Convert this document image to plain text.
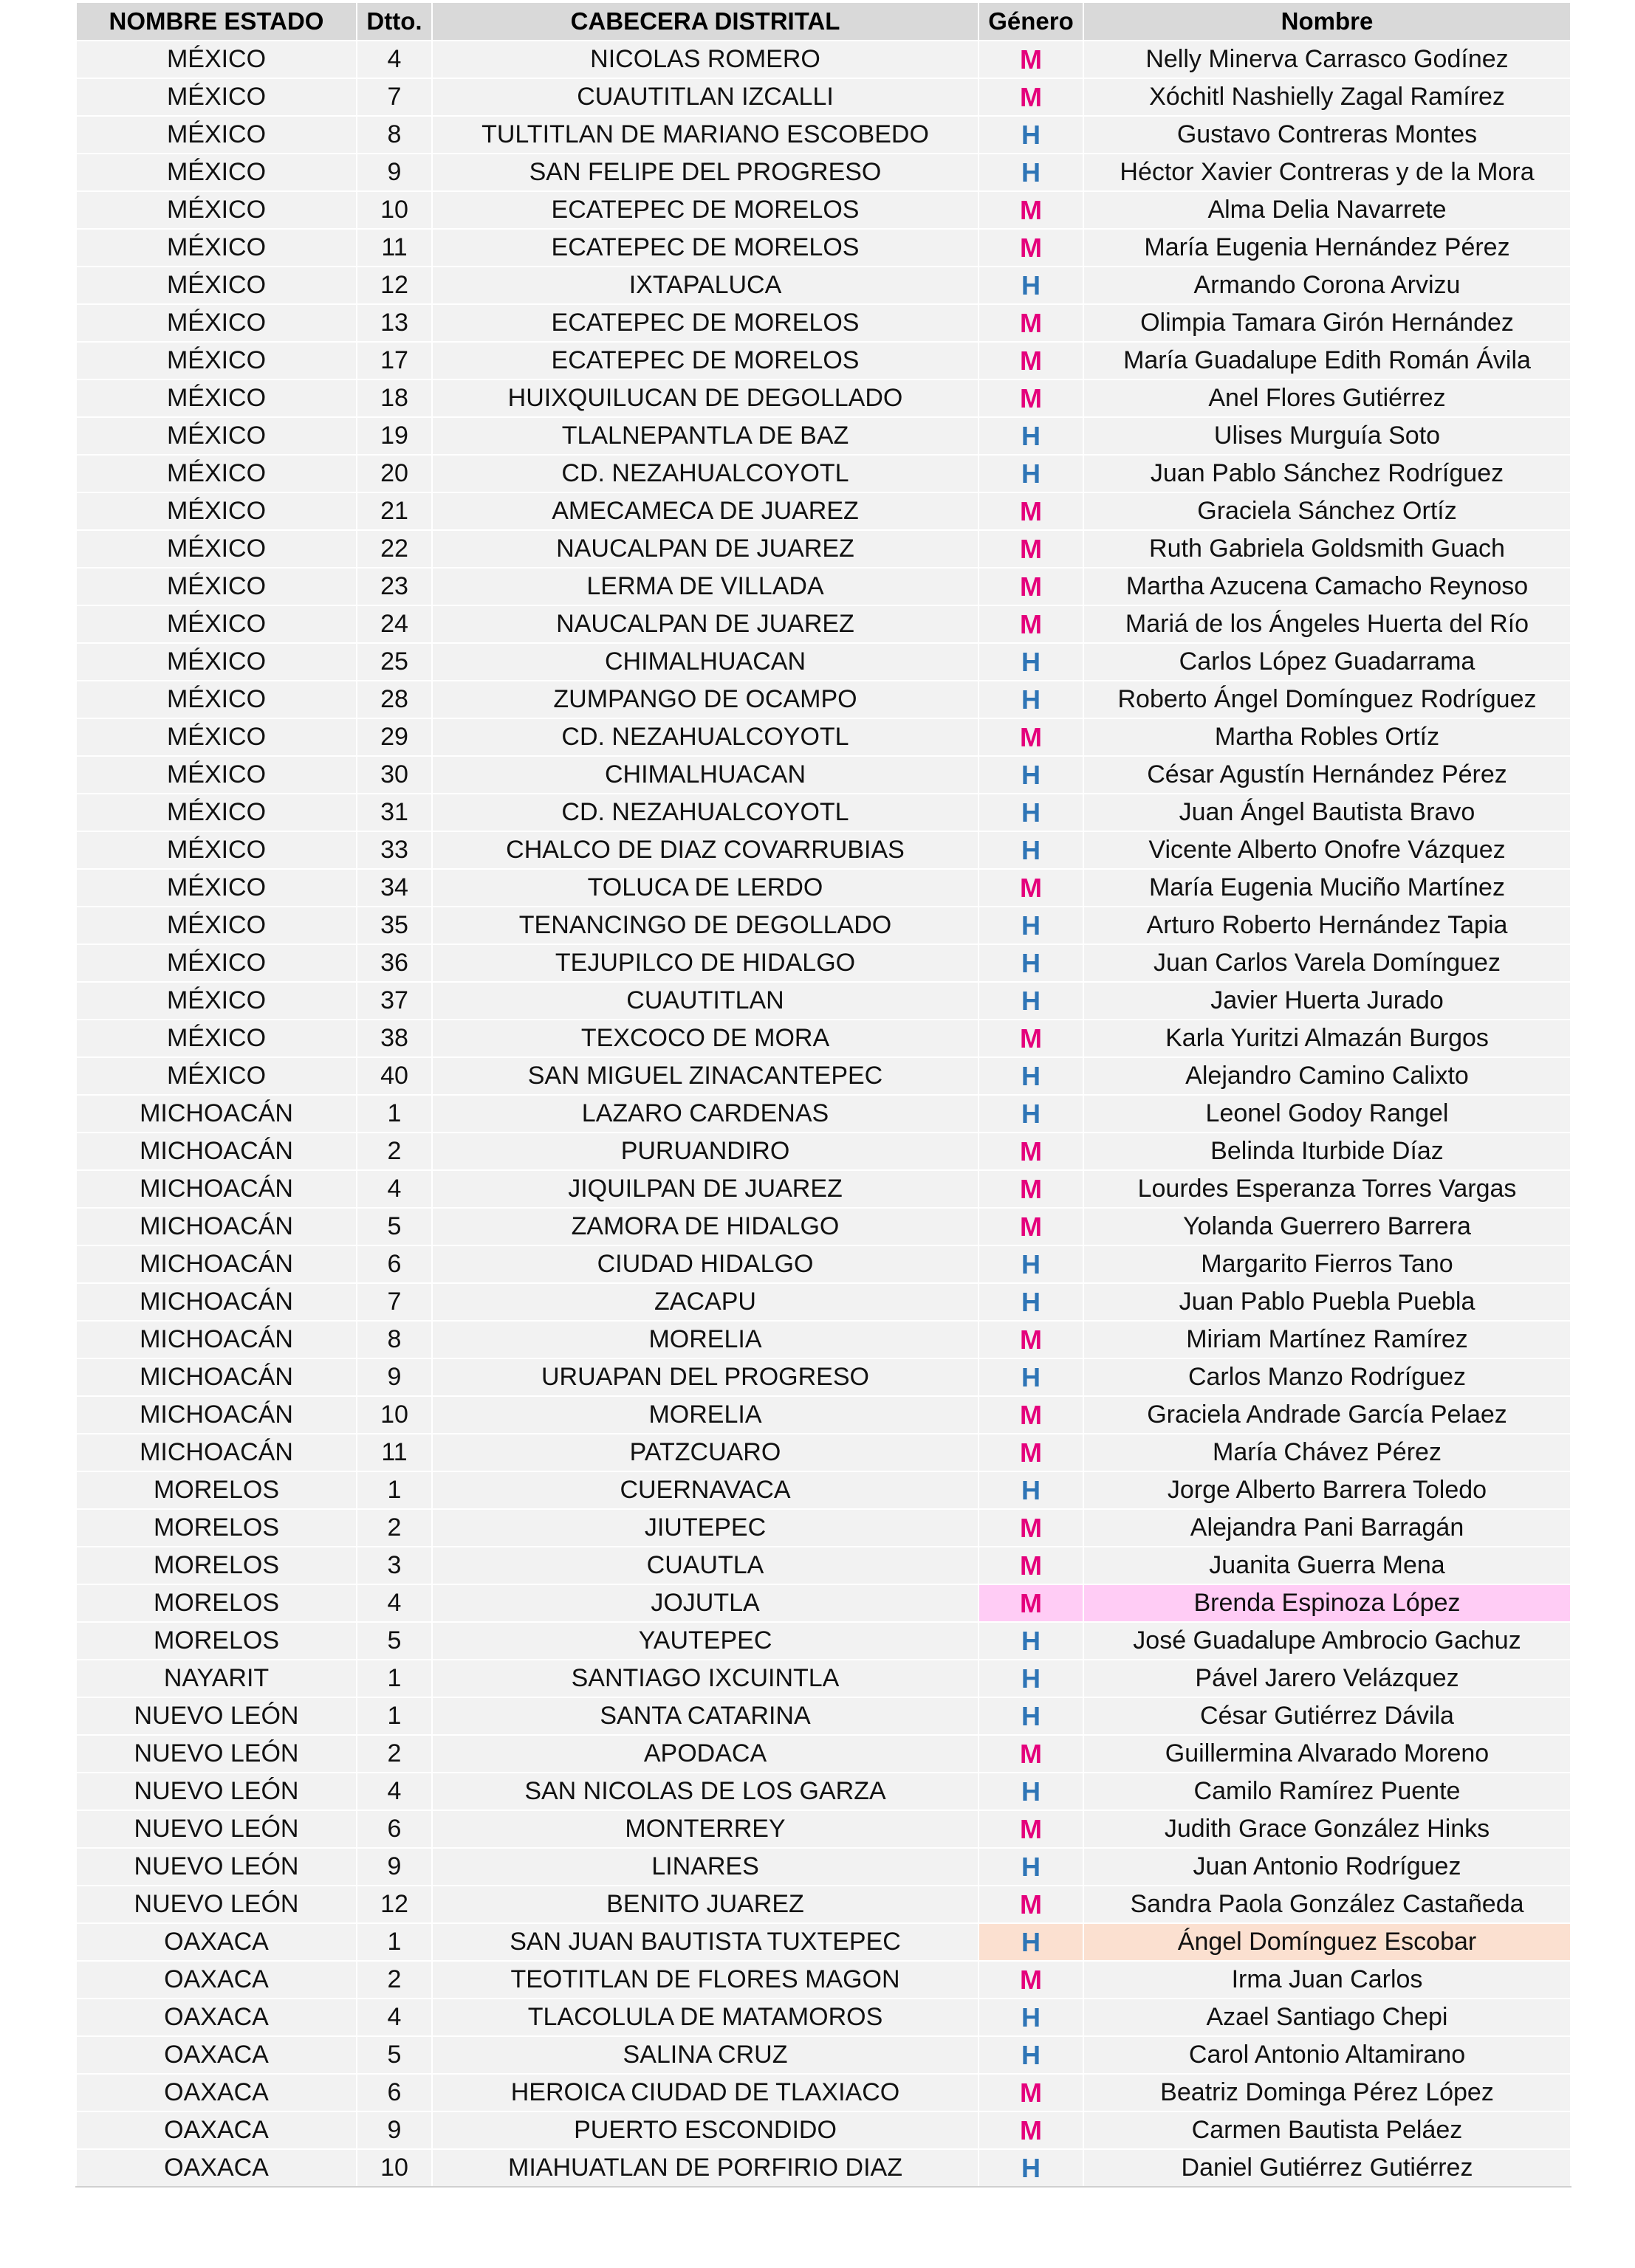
NOMBRE ESTADO	Dtto.	CABECERA DISTRITAL	Género	Nombre
MÉXICO	4	NICOLAS ROMERO	M	Nelly Minerva Carrasco Godínez
MÉXICO	7	CUAUTITLAN IZCALLI	M	Xóchitl Nashielly Zagal Ramírez
MÉXICO	8	TULTITLAN DE MARIANO ESCOBEDO	H	Gustavo Contreras Montes
MÉXICO	9	SAN FELIPE DEL PROGRESO	H	Héctor Xavier Contreras y de la Mora
MÉXICO	10	ECATEPEC DE MORELOS	M	Alma Delia Navarrete
MÉXICO	11	ECATEPEC DE MORELOS	M	María Eugenia Hernández Pérez
MÉXICO	12	IXTAPALUCA	H	Armando Corona Arvizu
MÉXICO	13	ECATEPEC DE MORELOS	M	Olimpia Tamara Girón Hernández
MÉXICO	17	ECATEPEC DE MORELOS	M	María Guadalupe Edith Román Ávila
MÉXICO	18	HUIXQUILUCAN DE DEGOLLADO	M	Anel Flores Gutiérrez
MÉXICO	19	TLALNEPANTLA DE BAZ	H	Ulises Murguía Soto
MÉXICO	20	CD. NEZAHUALCOYOTL	H	Juan Pablo Sánchez Rodríguez
MÉXICO	21	AMECAMECA DE JUAREZ	M	Graciela Sánchez Ortíz
MÉXICO	22	NAUCALPAN DE JUAREZ	M	Ruth Gabriela Goldsmith Guach
MÉXICO	23	LERMA DE VILLADA	M	Martha Azucena Camacho Reynoso
MÉXICO	24	NAUCALPAN DE JUAREZ	M	Mariá de los Ángeles Huerta del Río
MÉXICO	25	CHIMALHUACAN	H	Carlos López Guadarrama
MÉXICO	28	ZUMPANGO DE OCAMPO	H	Roberto Ángel Domínguez Rodríguez
MÉXICO	29	CD. NEZAHUALCOYOTL	M	Martha Robles Ortíz
MÉXICO	30	CHIMALHUACAN	H	César Agustín Hernández Pérez
MÉXICO	31	CD. NEZAHUALCOYOTL	H	Juan Ángel Bautista Bravo
MÉXICO	33	CHALCO DE DIAZ COVARRUBIAS	H	Vicente Alberto Onofre Vázquez
MÉXICO	34	TOLUCA DE LERDO	M	María Eugenia Muciño Martínez
MÉXICO	35	TENANCINGO DE DEGOLLADO	H	Arturo Roberto Hernández Tapia
MÉXICO	36	TEJUPILCO DE HIDALGO	H	Juan Carlos Varela Domínguez
MÉXICO	37	CUAUTITLAN	H	Javier Huerta Jurado
MÉXICO	38	TEXCOCO DE MORA	M	Karla Yuritzi Almazán Burgos
MÉXICO	40	SAN MIGUEL ZINACANTEPEC	H	Alejandro Camino Calixto
MICHOACÁN	1	LAZARO CARDENAS	H	Leonel Godoy Rangel
MICHOACÁN	2	PURUANDIRO	M	Belinda Iturbide Díaz
MICHOACÁN	4	JIQUILPAN DE JUAREZ	M	Lourdes Esperanza Torres Vargas
MICHOACÁN	5	ZAMORA DE HIDALGO	M	Yolanda Guerrero Barrera
MICHOACÁN	6	CIUDAD HIDALGO	H	Margarito Fierros Tano
MICHOACÁN	7	ZACAPU	H	Juan Pablo Puebla Puebla
MICHOACÁN	8	MORELIA	M	Miriam Martínez Ramírez
MICHOACÁN	9	URUAPAN DEL PROGRESO	H	Carlos Manzo Rodríguez
MICHOACÁN	10	MORELIA	M	Graciela Andrade García Pelaez
MICHOACÁN	11	PATZCUARO	M	María Chávez Pérez
MORELOS	1	CUERNAVACA	H	Jorge Alberto Barrera Toledo
MORELOS	2	JIUTEPEC	M	Alejandra Pani Barragán
MORELOS	3	CUAUTLA	M	Juanita Guerra Mena
MORELOS	4	JOJUTLA	M	Brenda Espinoza López
MORELOS	5	YAUTEPEC	H	José Guadalupe Ambrocio Gachuz
NAYARIT	1	SANTIAGO IXCUINTLA	H	Pável Jarero Velázquez
NUEVO LEÓN	1	SANTA CATARINA	H	César Gutiérrez Dávila
NUEVO LEÓN	2	APODACA	M	Guillermina Alvarado Moreno
NUEVO LEÓN	4	SAN NICOLAS DE LOS GARZA	H	Camilo Ramírez Puente
NUEVO LEÓN	6	MONTERREY	M	Judith Grace González Hinks
NUEVO LEÓN	9	LINARES	H	Juan Antonio Rodríguez
NUEVO LEÓN	12	BENITO JUAREZ	M	Sandra Paola González Castañeda
OAXACA	1	SAN JUAN BAUTISTA TUXTEPEC	H	Ángel Domínguez Escobar
OAXACA	2	TEOTITLAN DE FLORES MAGON	M	Irma Juan Carlos
OAXACA	4	TLACOLULA DE MATAMOROS	H	Azael Santiago Chepi
OAXACA	5	SALINA CRUZ	H	Carol Antonio Altamirano
OAXACA	6	HEROICA CIUDAD DE TLAXIACO	M	Beatriz Dominga Pérez López
OAXACA	9	PUERTO ESCONDIDO	M	Carmen Bautista Peláez
OAXACA	10	MIAHUATLAN DE PORFIRIO DIAZ	H	Daniel Gutiérrez Gutiérrez
